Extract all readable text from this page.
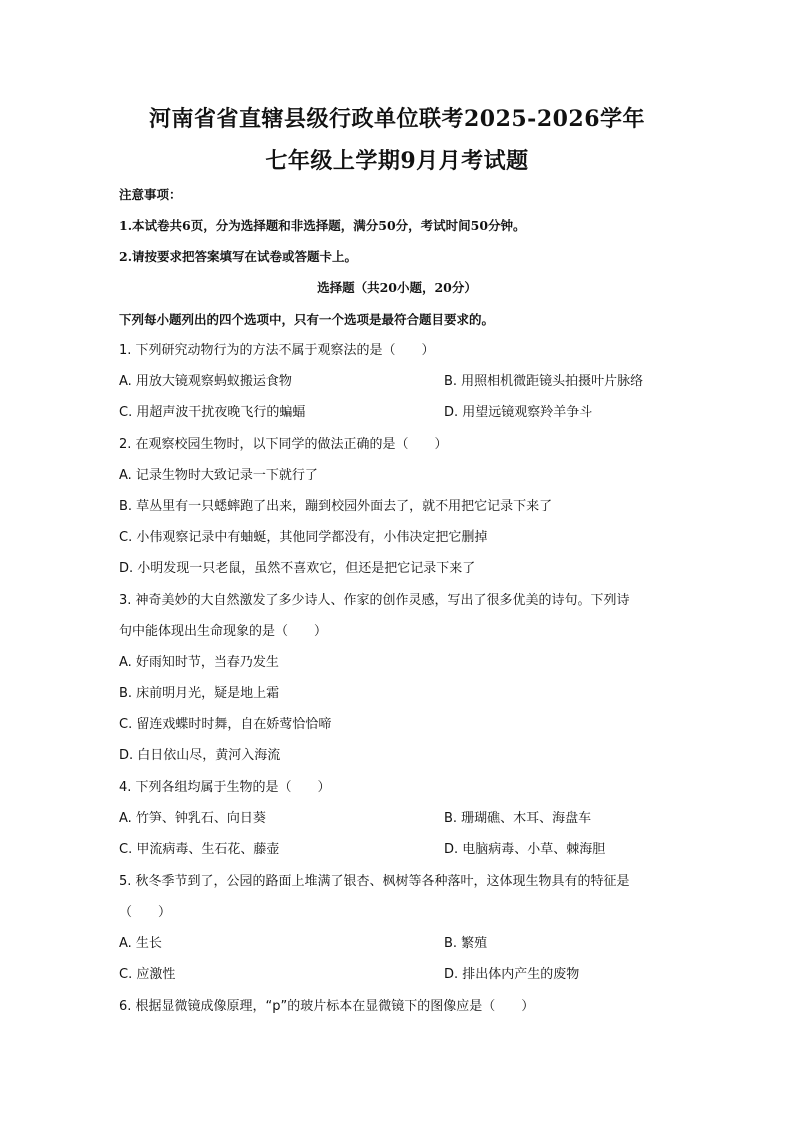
河南省省直辖县级行政单位联考2025-2026学年
七年级上学期9月月考试题
注意事项：
1.本试卷共6页，分为选择题和非选择题，满分50分，考试时间50分钟。
2.请按要求把答案填写在试卷或答题卡上。
选择题（共20小题，20分）
下列每小题列出的四个选项中，只有一个选项是最符合题目要求的。
1. 下列研究动物行为的方法不属于观察法的是（　　）
A. 用放大镜观察蚂蚁搬运食物	B. 用照相机微距镜头拍摄叶片脉络
C. 用超声波干扰夜晚飞行的蝙蝠	D. 用望远镜观察羚羊争斗
2. 在观察校园生物时，以下同学的做法正确的是（　　）
A. 记录生物时大致记录一下就行了
B. 草丛里有一只蟋蟀跑了出来，蹦到校园外面去了，就不用把它记录下来了
C. 小伟观察记录中有蚰蜒，其他同学都没有，小伟决定把它删掉
D. 小明发现一只老鼠，虽然不喜欢它，但还是把它记录下来了
3. 神奇美妙的大自然激发了多少诗人、作家的创作灵感，写出了很多优美的诗句。下列诗
句中能体现出生命现象的是（　　）
A. 好雨知时节，当春乃发生
B. 床前明月光，疑是地上霜
C. 留连戏蝶时时舞，自在娇莺恰恰啼
D. 白日依山尽，黄河入海流
4. 下列各组均属于生物的是（　　）
A. 竹笋、钟乳石、向日葵	B. 珊瑚礁、木耳、海盘车
C. 甲流病毒、生石花、藤壶	D. 电脑病毒、小草、棘海胆
5. 秋冬季节到了，公园的路面上堆满了银杏、枫树等各种落叶，这体现生物具有的特征是
（　　）
A. 生长	B. 繁殖
C. 应激性	D. 排出体内产生的废物
6. 根据显微镜成像原理，“p”的玻片标本在显微镜下的图像应是（　　）
